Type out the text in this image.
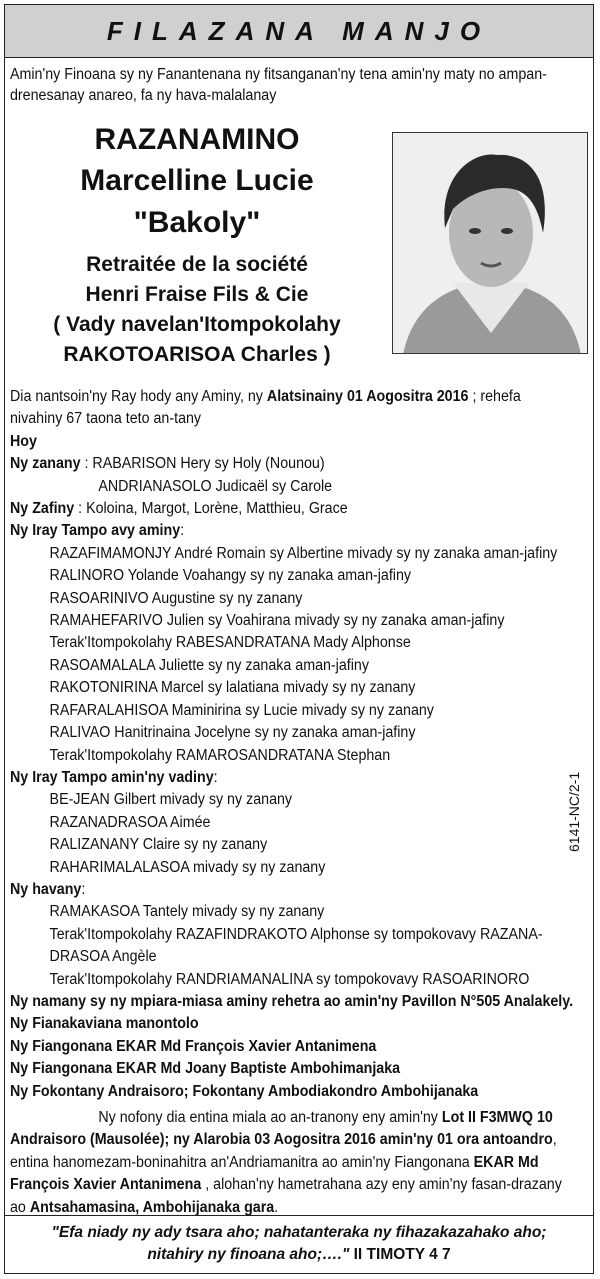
FILAZANA MANJO
Amin'ny Finoana sy ny Fanantenana ny fitsanganan'ny tena amin'ny maty no ampan-
drenesanay anareo, fa ny hava-malalanay
RAZANAMINO
Marcelline Lucie
"Bakoly"
Retraitée de la société
Henri Fraise Fils & Cie
( Vady navelan'Itompokolahy
RAKOTOARISOA Charles )
Dia nantsoin'ny Ray hody any Aminy, ny Alatsinainy 01 Aogositra 2016 ; rehefa
nivahiny 67 taona teto an-tany
Hoy
Ny zanany : RABARISON Hery sy Holy (Nounou)
ANDRIANASOLO Judicaël sy Carole
Ny Zafiny : Koloina, Margot, Lorène, Matthieu, Grace
Ny Iray Tampo avy aminy:
RAZAFIMAMONJY André Romain sy Albertine mivady sy ny zanaka aman-jafiny
RALINORO Yolande Voahangy sy ny zanaka aman-jafiny
RASOARINIVO Augustine sy ny zanany
RAMAHEFARIVO Julien sy Voahirana mivady sy ny zanaka aman-jafiny
Terak'Itompokolahy RABESANDRATANA Mady Alphonse
RASOAMALALA Juliette sy ny zanaka aman-jafiny
RAKOTONIRINA Marcel sy lalatiana mivady sy ny zanany
RAFARALAHISOA Maminirina sy Lucie mivady sy ny zanany
RALIVAO Hanitrinaina Jocelyne sy ny zanaka aman-jafiny
Terak'Itompokolahy RAMAROSANDRATANA Stephan
Ny Iray Tampo amin'ny vadiny:
BE-JEAN Gilbert mivady sy ny zanany
RAZANADRASOA Aimée
RALIZANANY Claire sy ny zanany
RAHARIMALALASOA mivady sy ny zanany
Ny havany:
RAMAKASOA Tantely mivady sy ny zanany
Terak'Itompokolahy RAZAFINDRAKOTO Alphonse sy tompokovavy RAZANA-
DRASOA Angèle
Terak'Itompokolahy RANDRIAMANALINA sy tompokovavy RASOARINORO
Ny namany sy ny mpiara-miasa aminy rehetra ao amin'ny Pavillon N°505 Analakely.
Ny Fianakaviana manontolo
Ny Fiangonana EKAR Md François Xavier Antanimena
Ny Fiangonana EKAR Md Joany Baptiste Ambohimanjaka
Ny Fokontany Andraisoro; Fokontany Ambodiakondro Ambohijanaka
Ny nofony dia entina miala ao an-tranony eny amin'ny Lot II F3MWQ 10
Andraisoro (Mausolée); ny Alarobia 03 Aogositra 2016 amin'ny 01 ora antoandro,
entina hanomezam-boninahitra an'Andriamanitra ao amin'ny Fiangonana EKAR Md
François Xavier Antanimena , alohan'ny hametrahana azy eny amin'ny fasan-drazany
ao Antsahamasina, Ambohijanaka gara.
"Efa niady ny ady tsara aho; nahatanteraka ny fihazakazahako aho;
nitahiry ny finoana aho;…." II TIMOTY 4 7
6141-NC/2-1
